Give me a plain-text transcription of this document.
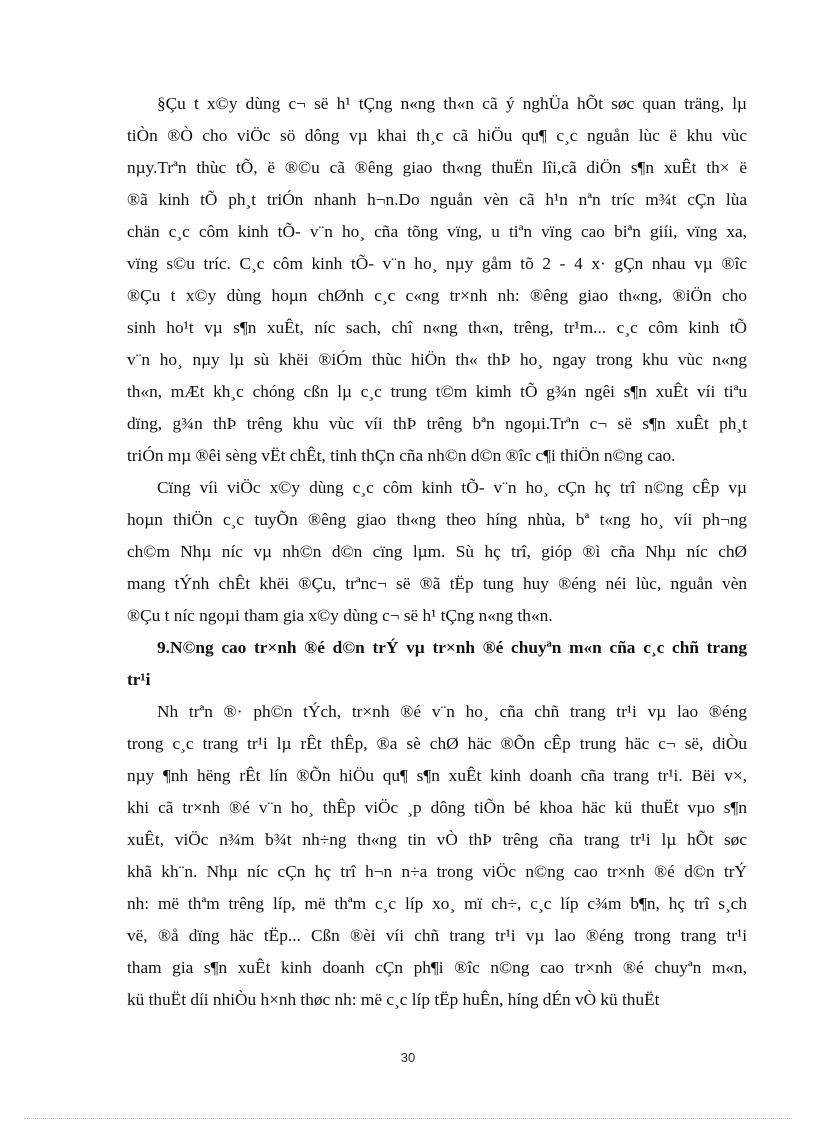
§Çu t x©y dùng c¬ së h¹ tÇng n«ng th«n cã ý nghÜa hÕt søc quan träng, lµ
tiÒn ®Ò cho viÖc sö dông vµ khai th¸c cã hiÖu qu¶ c¸c nguån lùc ë khu vùc
nµy.Trªn thùc tÕ, ë ®©u cã ®êng giao th«ng thuËn lîi,cã diÖn s¶n xuÊt th× ë
®ã kinh tÕ ph¸t triÓn nhanh h¬n.Do nguån vèn cã h¹n nªn tríc m¾t cÇn lùa
chän c¸c côm kinh tÕ- v¨n ho¸ cña tõng vïng, u tiªn vïng cao biªn giíi, vïng xa,
vïng s©u tríc. C¸c côm kinh tÕ- v¨n ho¸ nµy gåm tõ 2 - 4 x· gÇn nhau vµ ®îc
®Çu t x©y dùng hoµn chØnh c¸c c«ng tr×nh nh: ®êng giao th«ng, ®iÖn cho
sinh ho¹t vµ s¶n xuÊt, níc sach, chî n«ng th«n, trêng, tr¹m... c¸c côm kinh tÕ
v¨n ho¸ nµy lµ sù khëi ®iÓm thùc hiÖn th« thÞ ho¸ ngay trong khu vùc n«ng
th«n, mÆt kh¸c chóng cßn lµ c¸c trung t©m kimh tÕ g¾n ngêi s¶n xuÊt víi tiªu
dïng, g¾n thÞ trêng khu vùc víi thÞ trêng bªn ngoµi.Trªn c¬ së s¶n xuÊt ph¸t
triÓn mµ ®êi sèng vËt chÊt, tinh thÇn cña nh©n d©n ®îc c¶i thiÖn n©ng cao.
Cïng víi viÖc x©y dùng c¸c côm kinh tÕ- v¨n ho¸ cÇn hç trî n©ng cÊp vµ
hoµn thiÖn c¸c tuyÕn ®êng giao th«ng theo híng nhùa, bª t«ng ho¸ víi ph¬ng
ch©m Nhµ níc vµ nh©n d©n cïng lµm. Sù hç trî, gióp ®ì cña Nhµ níc chØ
mang tÝnh chÊt khëi ®Çu, trªnc¬ së ®ã tËp tung huy ®éng néi lùc, nguån vèn
®Çu t níc ngoµi tham gia x©y dùng c¬ së h¹ tÇng n«ng th«n.
9.N©ng cao tr×nh ®é d©n trÝ vµ tr×nh ®é chuyªn m«n cña c¸c chñ trang
tr¹i
Nh trªn ®· ph©n tÝch, tr×nh ®é v¨n ho¸ cña chñ trang tr¹i vµ lao ®éng
trong c¸c trang tr¹i lµ rÊt thÊp, ®a sè chØ häc ®Õn cÊp trung häc c¬ së, diÒu
nµy ¶nh hëng rÊt lín ®Õn hiÖu qu¶ s¶n xuÊt kinh doanh cña trang tr¹i. Bëi v×,
khi cã tr×nh ®é v¨n ho¸ thÊp viÖc ¸p dông tiÕn bé khoa häc kü thuËt vµo s¶n
xuÊt, viÖc n¾m b¾t nh÷ng th«ng tin vÒ thÞ trêng cña trang tr¹i lµ hÕt søc
khã kh¨n. Nhµ níc cÇn hç trî h¬n n÷a trong viÖc n©ng cao tr×nh ®é d©n trÝ
nh: më thªm trêng líp, më thªm c¸c líp xo¸ mï ch÷, c¸c líp c¾m b¶n, hç trî s¸ch
vë, ®å dïng häc tËp... Cßn ®èi víi chñ trang tr¹i vµ lao ®éng trong trang tr¹i
tham gia s¶n xuÊt kinh doanh cÇn ph¶i ®îc n©ng cao tr×nh ®é chuyªn m«n,
kü thuËt díi nhiÒu h×nh thøc nh: më c¸c líp tËp huÊn, híng dÉn vÒ kü thuËt
30
